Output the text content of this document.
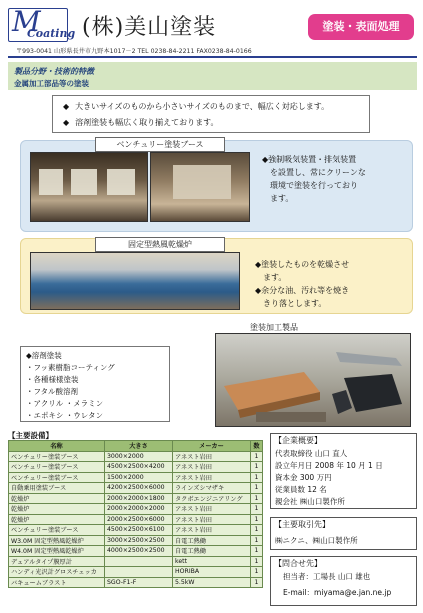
M
Coating (株)美山塗装	塗装・表面処理
〒993-0041 山形県長井市九野本1017－2 TEL 0238-84-2211 FAX0238-84-0166
製品分野・技術的特徴
金属加工部品等の塗装
◆ 大きいサイズのものから小さいサイズのものまで、幅広く対応します。
◆ 溶剤塗装も幅広く取り揃えております。
ベンチュリー塗装ブース
◆強制吸気装置・排気装置
を設置し、常にクリーンな
環境で塗装を行っており
ます。
固定型熱風乾燥炉
◆塗装したものを乾燥させ
ます。
◆余分な油、汚れ等を焼き
きり落とします。
塗装加工製品
◆溶剤塗装
・フッ素樹脂コーティング
・各種様樣塗装
・フタル酸溶剤
・アクリル ・メラミン
・エポキシ ・ウレタン
【主要設備】
名称	大きさ	メーカー	数
ベンチュリー塗装ブース	3000×2000	アネスト岩田	1
ベンチュリー塗装ブース	4500×2500×4200	アネスト岩田	1
ベンチュリー塗装ブース	1500×2000	アネスト岩田	1
自動乗用塗装ブース	4200×2500×6000	ラインズシマザキ	1
乾燥炉	2000×2000×1800	タクボエンジニアリング	1
乾燥炉	2000×2000×2000	アネスト岩田	1
乾燥炉	2000×2500×6000	アネスト岩田	1
ベンチュリー塗装ブース	4500×2500×6100	アネスト岩田	1
W3.0M 固定型熱風乾燥炉	3000×2500×2500	自電工熱働	1
W4.0M 固定型熱風乾燥炉	4000×2500×2500	自電工熱働	1
デュアルタイプ膜厚計		kett	1
ハンディ光沢計グロスチェッカ		HORIBA	1
バキュームブラスト	SGO-F1-F	5.5kW	1
【企業概要】
代表取締役 山口 直人
設立年月日 2008 年 10 月 1 日
資本金 300 万円
従業員数 12 名
親会社 ㈱山口製作所
【主要取引先】
㈱ニクニ、㈱山口製作所
【問合せ先】
担当者：工場長 山口 雄也
E-mail：miyama@e.jan.ne.jp
